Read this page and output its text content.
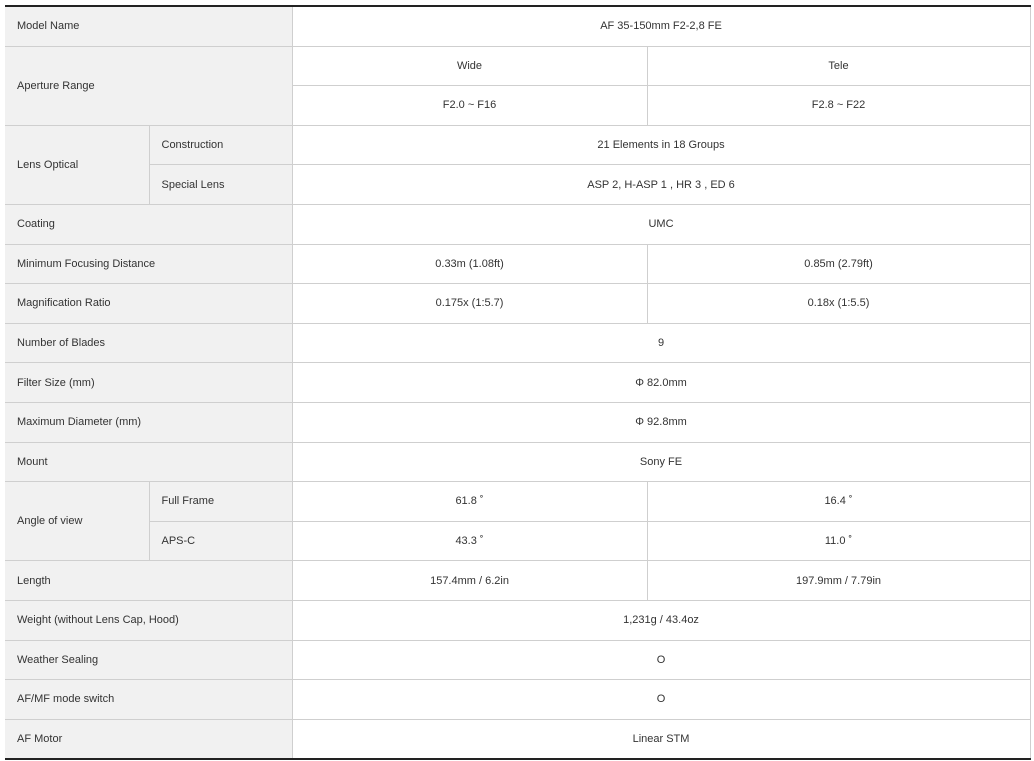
Model Name		AF 35-150mm F2-2,8 FE	
Aperture Range		Wide	Tele
		F2.0 ~ F16	F2.8 ~ F22
Lens Optical	Construction	21 Elements in 18 Groups	
	Special Lens	ASP 2, H-ASP 1 , HR 3 , ED 6	
Coating		UMC	
Minimum Focusing Distance		0.33m (1.08ft)	0.85m (2.79ft)
Magnification Ratio		0.175x (1:5.7)	0.18x (1:5.5)
Number of Blades		9	
Filter Size (mm)		Φ 82.0mm	
Maximum Diameter (mm)		Φ 92.8mm	
Mount		Sony FE	
Angle of view	Full Frame	61.8 ˚	16.4 ˚
	APS-C	43.3 ˚	11.0 ˚
Length		157.4mm / 6.2in	197.9mm / 7.79in
Weight (without Lens Cap, Hood)		1,231g / 43.4oz	
Weather Sealing		O	
AF/MF mode switch		O	
AF Motor		Linear STM	
